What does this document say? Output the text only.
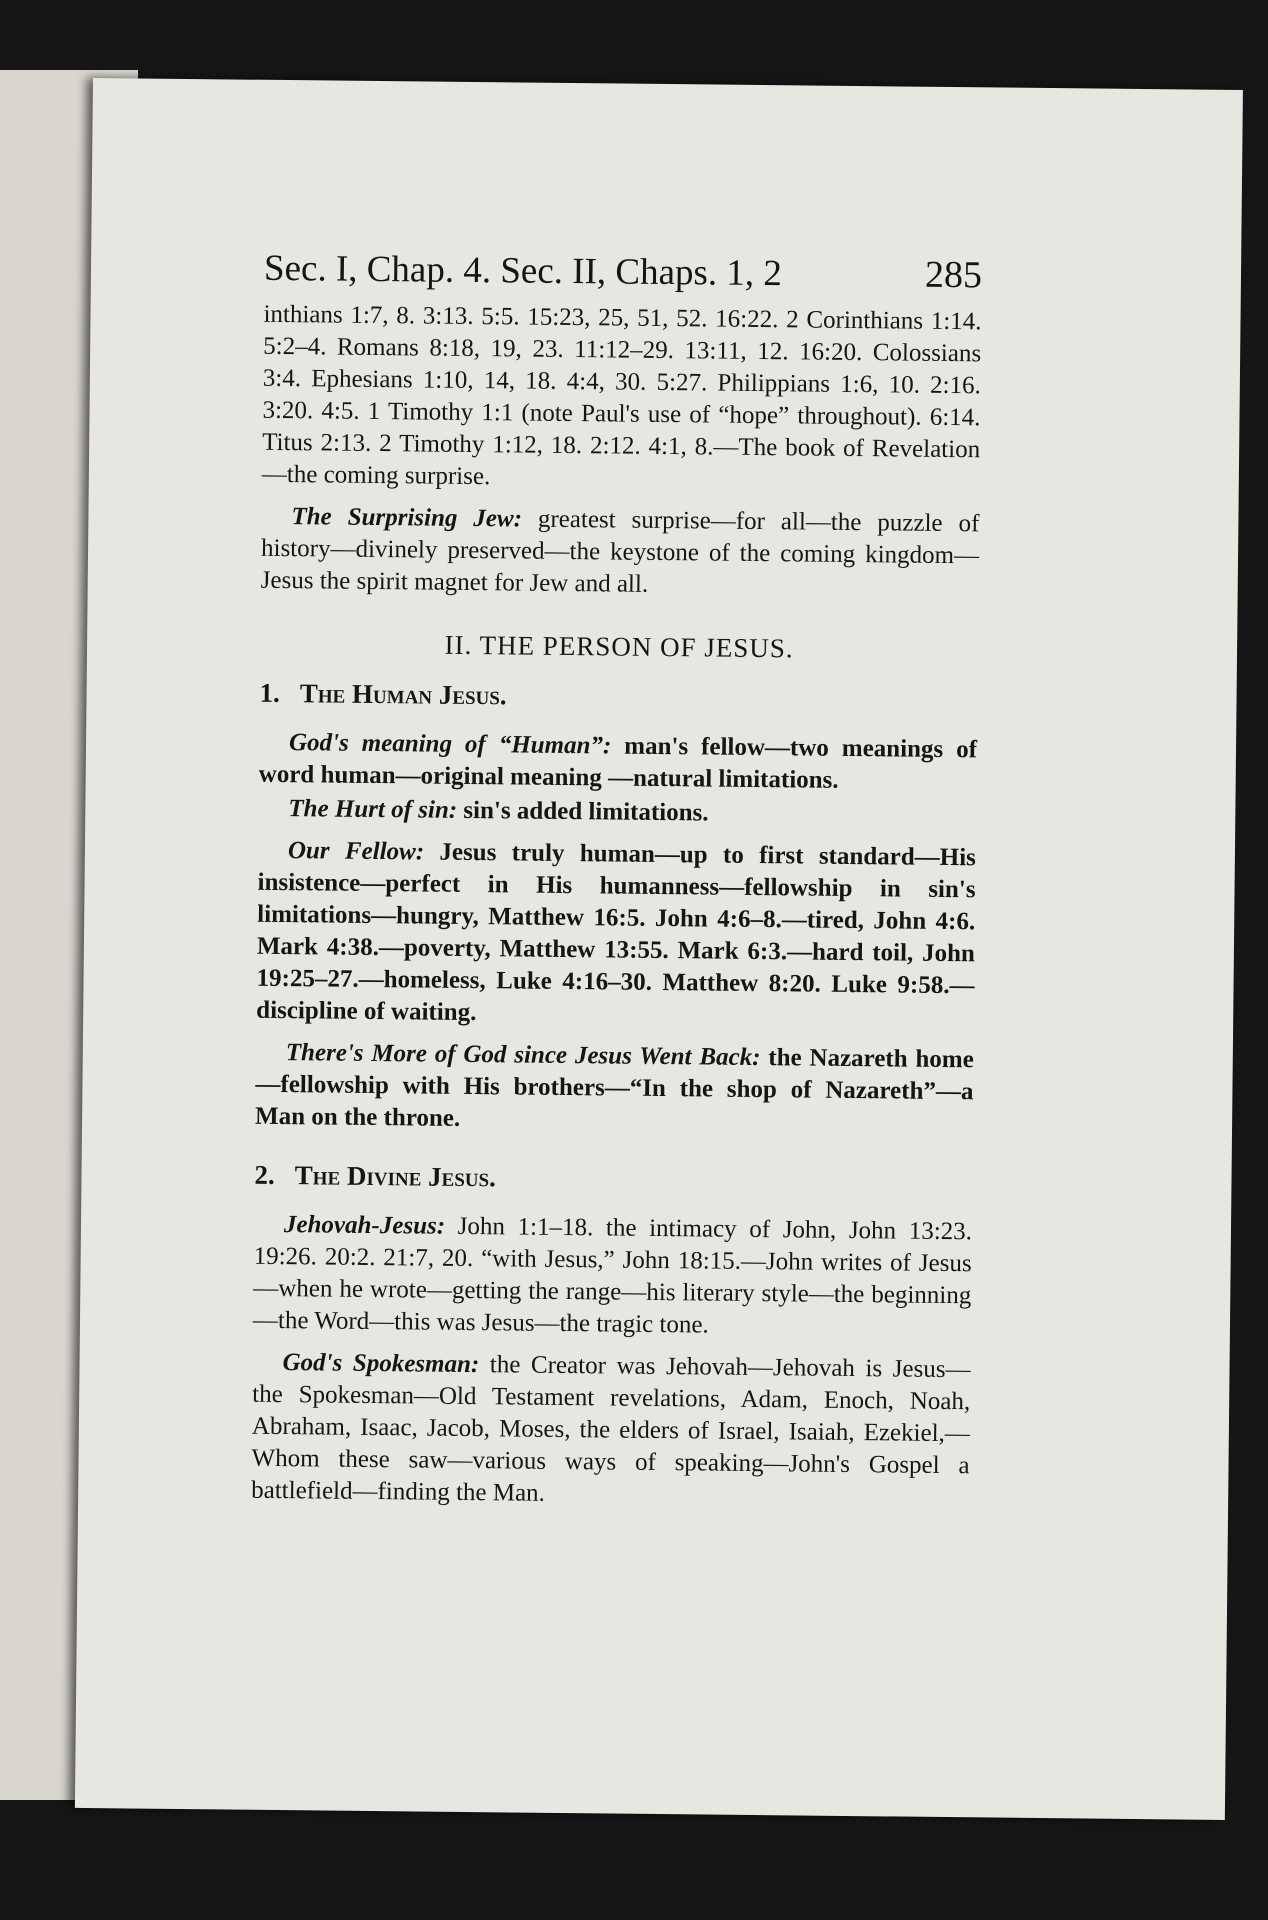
Sec. I, Chap. 4. Sec. II, Chaps. 1, 2	285

inthians 1:7, 8. 3:13. 5:5. 15:23, 25, 51, 52. 16:22. 2 Corinthians 1:14. 5:2–4. Romans 8:18, 19, 23. 11:12–29. 13:11, 12. 16:20. Colossians 3:4. Ephesians 1:10, 14, 18. 4:4, 30. 5:27. Philippians 1:6, 10. 2:16. 3:20. 4:5. 1 Timothy 1:1 (note Paul's use of “hope” throughout). 6:14. Titus 2:13. 2 Timothy 1:12, 18. 2:12. 4:1, 8.—The book of Revelation—the coming surprise.

The Surprising Jew: greatest surprise—for all—the puzzle of history—divinely preserved—the keystone of the coming kingdom—Jesus the spirit magnet for Jew and all.

II. THE PERSON OF JESUS.
1. The Human Jesus.

God's meaning of “Human”: man's fellow—two meanings of word human—original meaning —natural limitations.

The Hurt of sin: sin's added limitations.

Our Fellow: Jesus truly human—up to first standard—His insistence—perfect in His humanness—fellowship in sin's limitations—hungry, Matthew 16:5. John 4:6–8.—tired, John 4:6. Mark 4:38.—poverty, Matthew 13:55. Mark 6:3.—hard toil, John 19:25–27.—homeless, Luke 4:16–30. Matthew 8:20. Luke 9:58.—discipline of waiting.

There's More of God since Jesus Went Back: the Nazareth home—fellowship with His brothers—“In the shop of Nazareth”—a Man on the throne.

2. The Divine Jesus.

Jehovah-Jesus: John 1:1–18. the intimacy of John, John 13:23. 19:26. 20:2. 21:7, 20. “with Jesus,” John 18:15.—John writes of Jesus—when he wrote—getting the range—his literary style—the beginning—the Word—this was Jesus—the tragic tone.

God's Spokesman: the Creator was Jehovah—Jehovah is Jesus—the Spokesman—Old Testament revelations, Adam, Enoch, Noah, Abraham, Isaac, Jacob, Moses, the elders of Israel, Isaiah, Ezekiel,—Whom these saw—various ways of speaking—John's Gospel a battlefield—finding the Man.
